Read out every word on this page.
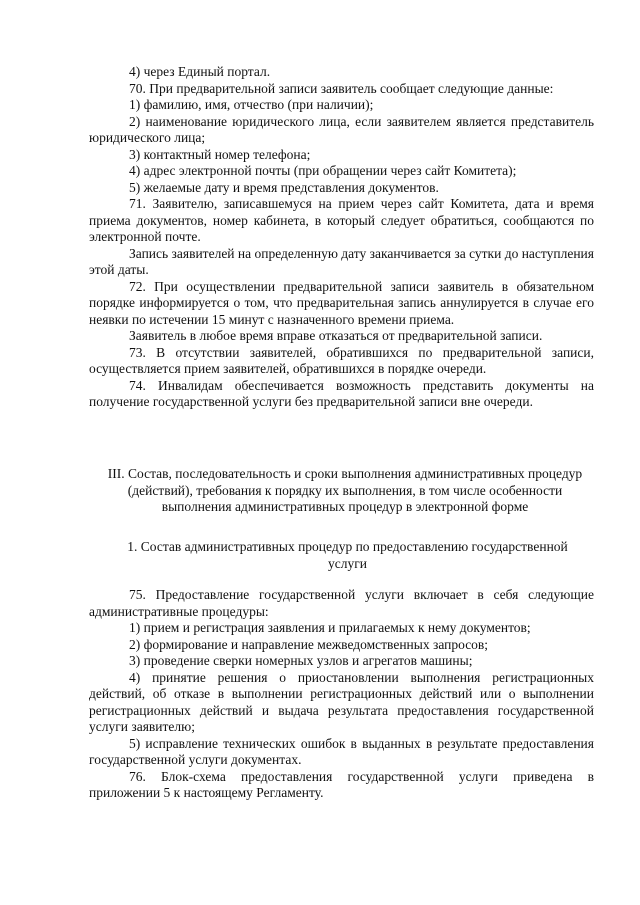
4) через Единый портал.

70. При предварительной записи заявитель сообщает следующие данные:

1) фамилию, имя, отчество (при наличии);

2) наименование юридического лица, если заявителем является представитель юридического лица;

3) контактный номер телефона;

4) адрес электронной почты (при обращении через сайт Комитета);

5) желаемые дату и время представления документов.

71. Заявителю, записавшемуся на прием через сайт Комитета, дата и время приема документов, номер кабинета, в который следует обратиться, сообщаются по электронной почте.

Запись заявителей на определенную дату заканчивается за сутки до наступления этой даты.

72. При осуществлении предварительной записи заявитель в обязательном порядке информируется о том, что предварительная запись аннулируется в случае его неявки по истечении 15 минут с назначенного времени приема.

Заявитель в любое время вправе отказаться от предварительной записи.

73. В отсутствии заявителей, обратившихся по предварительной записи, осуществляется прием заявителей, обратившихся в порядке очереди.

74. Инвалидам обеспечивается возможность представить документы на получение государственной услуги без предварительной записи вне очереди.

III. Состав, последовательность и сроки выполнения административных процедур (действий), требования к порядку их выполнения, в том числе особенности выполнения административных процедур в электронной форме

1. Состав административных процедур по предоставлению государственной услуги

75. Предоставление государственной услуги включает в себя следующие административные процедуры:

1) прием и регистрация заявления и прилагаемых к нему документов;

2) формирование и направление межведомственных запросов;

3) проведение сверки номерных узлов и агрегатов машины;

4) принятие решения о приостановлении выполнения регистрационных действий, об отказе в выполнении регистрационных действий или о выполнении регистрационных действий и выдача результата предоставления государственной услуги заявителю;

5) исправление технических ошибок в выданных в результате предоставления государственной услуги документах.

76. Блок-схема предоставления государственной услуги приведена в приложении 5 к настоящему Регламенту.
